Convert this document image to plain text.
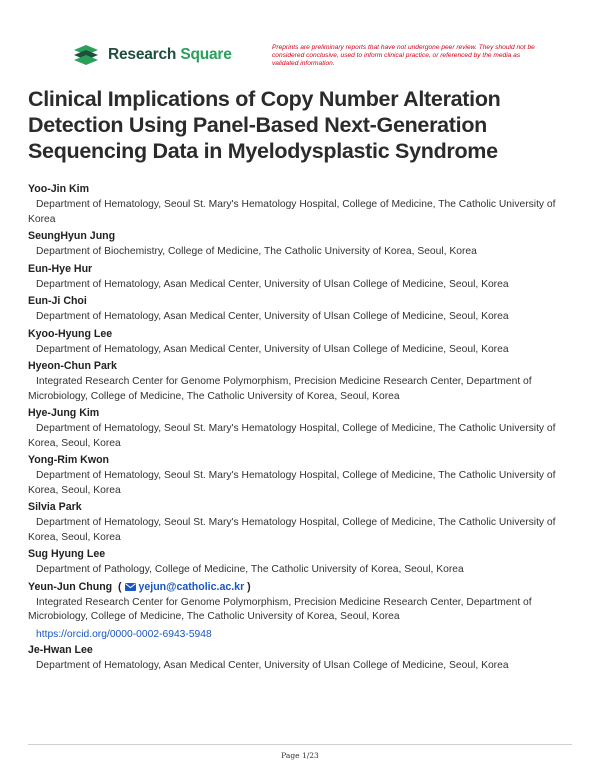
Research Square	Preprints are preliminary reports that have not undergone peer review. They should not be considered conclusive, used to inform clinical practice, or referenced by the media as validated information.
Clinical Implications of Copy Number Alteration Detection Using Panel-Based Next-Generation Sequencing Data in Myelodysplastic Syndrome
Yoo-Jin Kim
Department of Hematology, Seoul St. Mary's Hematology Hospital, College of Medicine, The Catholic University of Korea
SeungHyun Jung
Department of Biochemistry, College of Medicine, The Catholic University of Korea, Seoul, Korea
Eun-Hye Hur
Department of Hematology, Asan Medical Center, University of Ulsan College of Medicine, Seoul, Korea
Eun-Ji Choi
Department of Hematology, Asan Medical Center, University of Ulsan College of Medicine, Seoul, Korea
Kyoo-Hyung Lee
Department of Hematology, Asan Medical Center, University of Ulsan College of Medicine, Seoul, Korea
Hyeon-Chun Park
Integrated Research Center for Genome Polymorphism, Precision Medicine Research Center, Department of Microbiology, College of Medicine, The Catholic University of Korea, Seoul, Korea
Hye-Jung Kim
Department of Hematology, Seoul St. Mary's Hematology Hospital, College of Medicine, The Catholic University of Korea, Seoul, Korea
Yong-Rim Kwon
Department of Hematology, Seoul St. Mary's Hematology Hospital, College of Medicine, The Catholic University of Korea, Seoul, Korea
Silvia Park
Department of Hematology, Seoul St. Mary's Hematology Hospital, College of Medicine, The Catholic University of Korea, Seoul, Korea
Sug Hyung Lee
Department of Pathology, College of Medicine, The Catholic University of Korea, Seoul, Korea
Yeun-Jun Chung ( yejun@catholic.ac.kr )
Integrated Research Center for Genome Polymorphism, Precision Medicine Research Center, Department of Microbiology, College of Medicine, The Catholic University of Korea, Seoul, Korea
https://orcid.org/0000-0002-6943-5948
Je-Hwan Lee
Department of Hematology, Asan Medical Center, University of Ulsan College of Medicine, Seoul, Korea
Page 1/23
